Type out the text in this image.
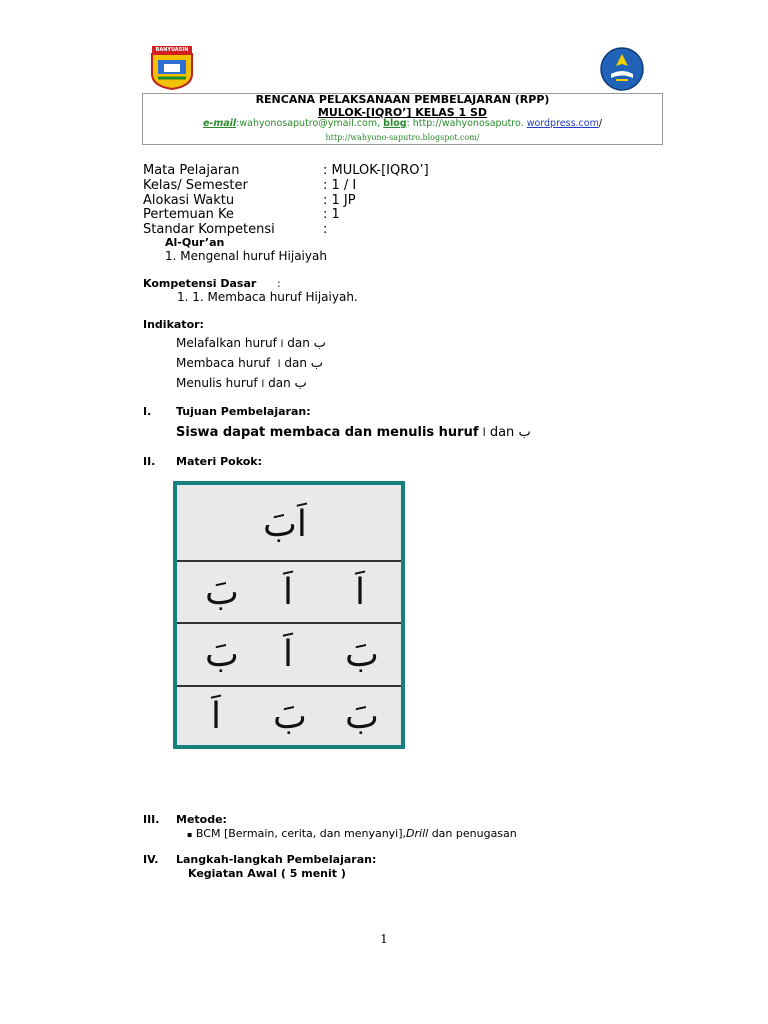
BANYUASIN
RENCANA PELAKSANAAN PEMBELAJARAN (RPP)
MULOK-[IQRO’] KELAS 1 SD
e-mail:wahyonosaputro@ymail.com, blog: http://wahyonosaputro. wordpress.com/
http://wahyono-saputro.blogspot.com/
Mata Pelajaran	: MULOK-[IQRO’]
Kelas/ Semester	: 1 / I
Alokasi Waktu	: 1 JP
Pertemuan Ke	: 1
Standar Kompetensi	:
Al-Qur’an
1. Mengenal huruf Hijaiyah
Kompetensi Dasar :
1. 1. Membaca huruf Hijaiyah.
Indikator:
Melafalkan huruf ا dan ب
Membaca huruf ا dan ب
Menulis huruf ا dan ب
I. Tujuan Pembelajaran:
Siswa dapat membaca dan menulis huruf ا dan ب
II. Materi Pokok:
اَبَ
بَ اَ اَ
بَ اَ بَ
اَ بَ بَ
III. Metode:
▪ BCM [Bermain, cerita, dan menyanyi],Drill dan penugasan
IV. Langkah-langkah Pembelajaran:
Kegiatan Awal ( 5 menit )
1
